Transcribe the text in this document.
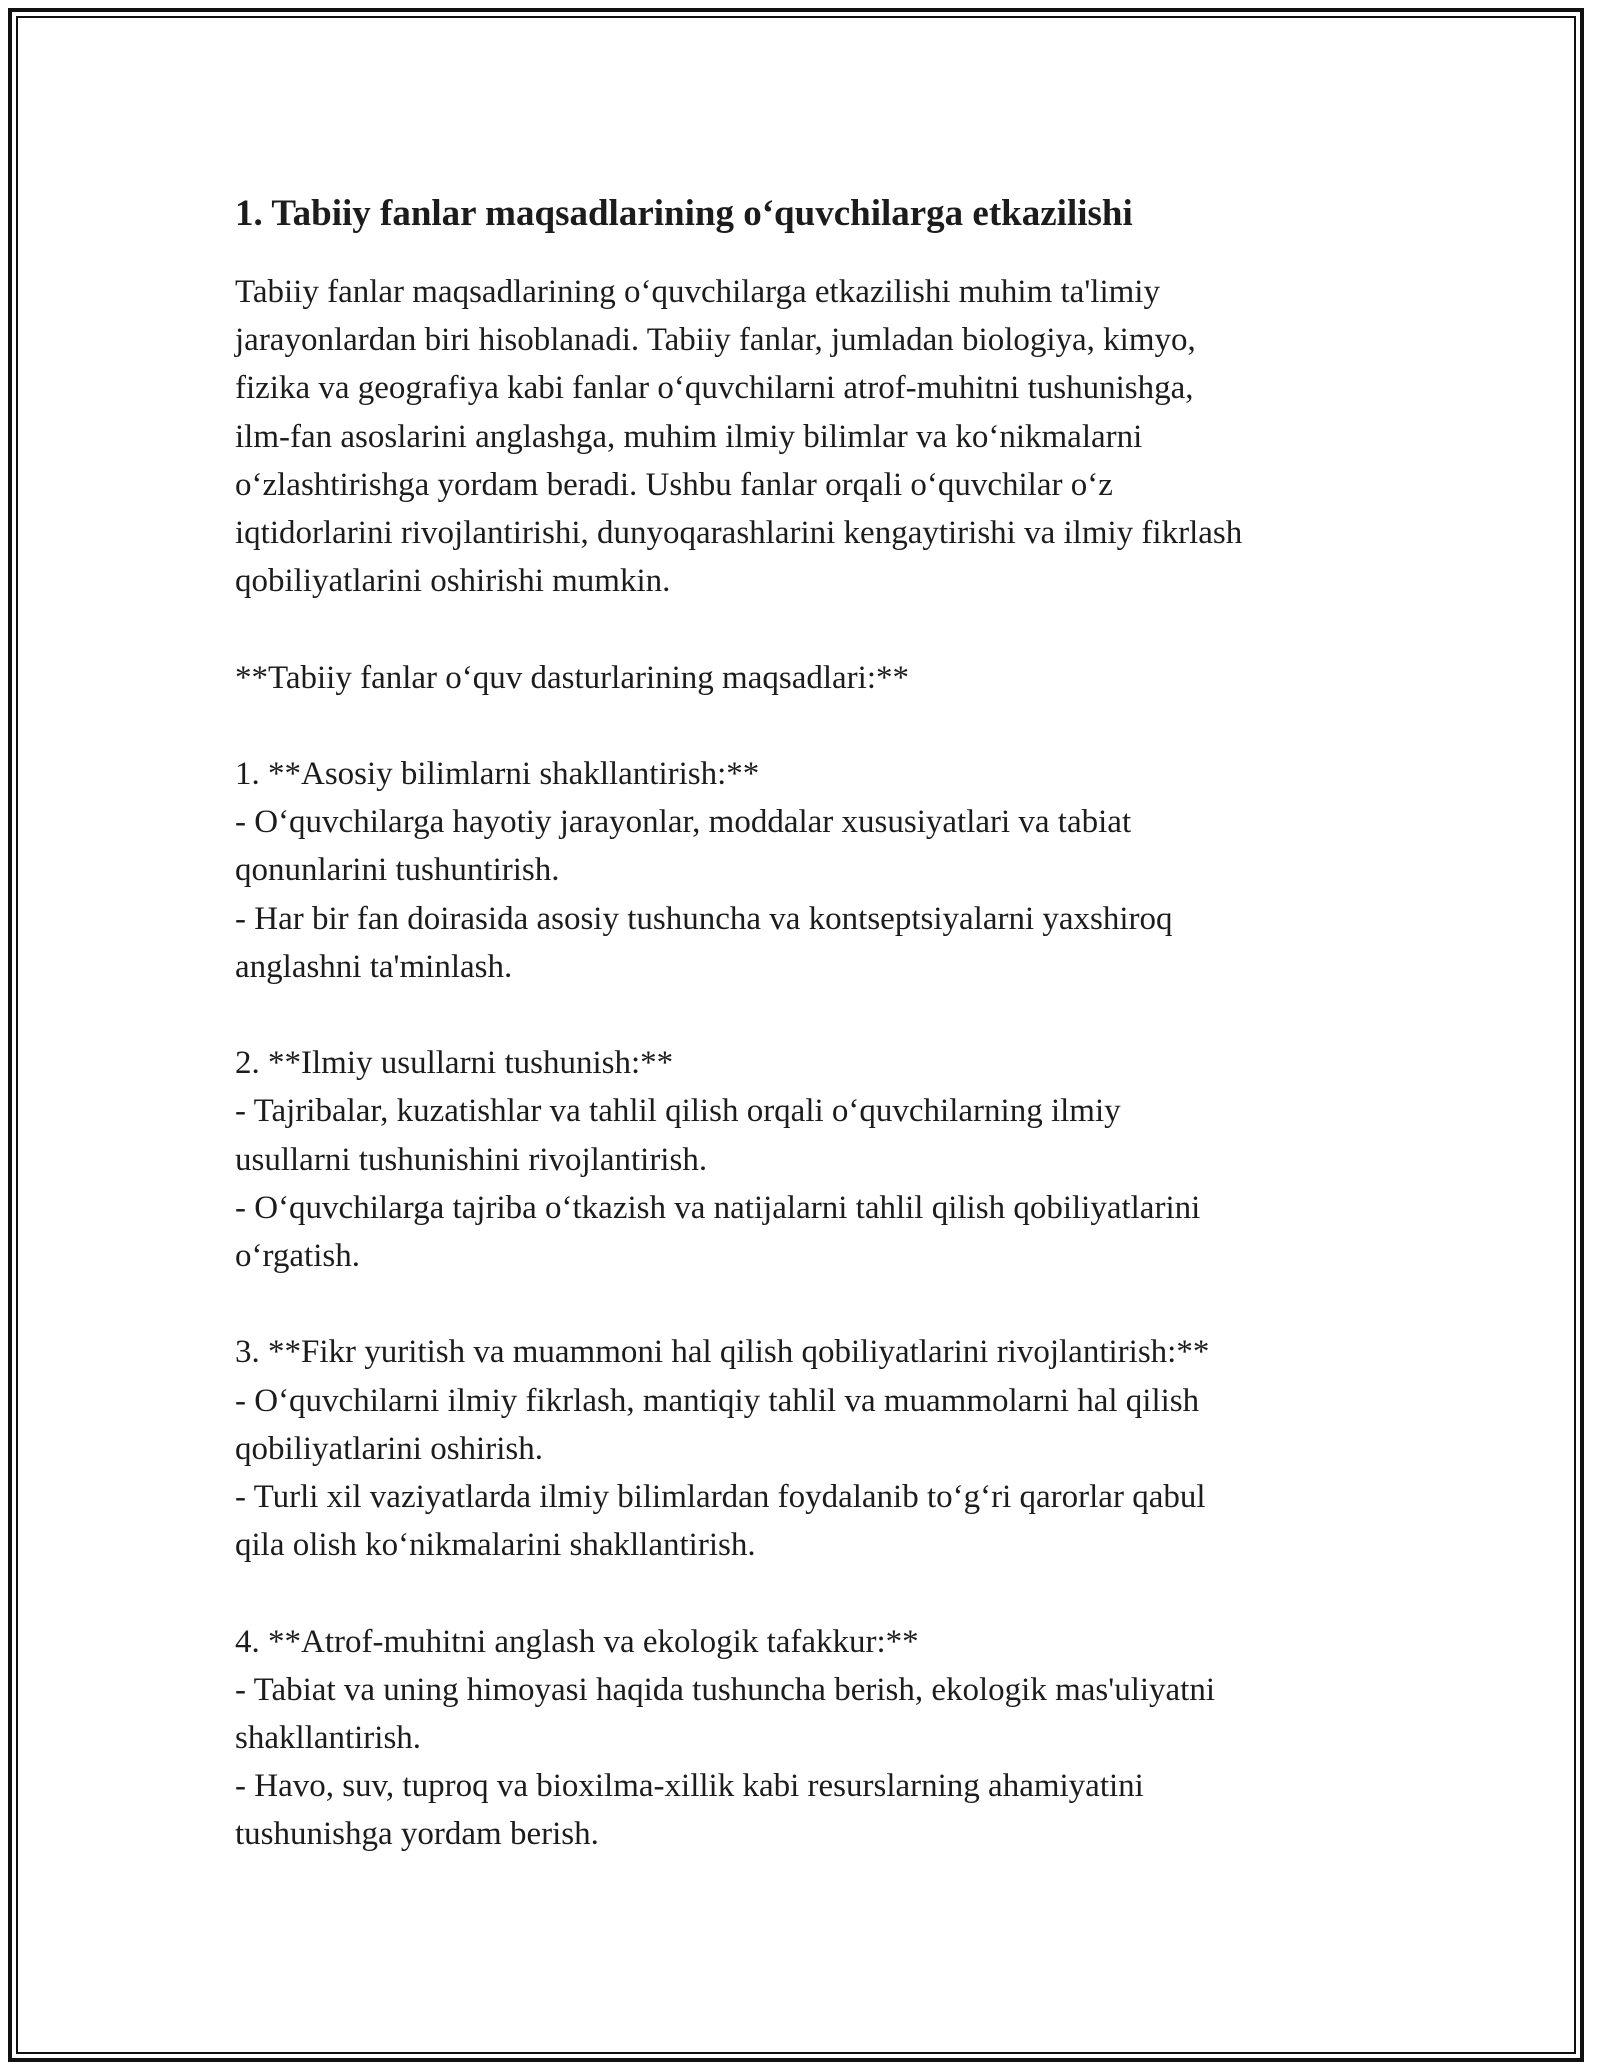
1. Tabiiy fanlar maqsadlarining o‘quvchilarga etkazilishi

Tabiiy fanlar maqsadlarining o‘quvchilarga etkazilishi muhim ta'limiy
jarayonlardan biri hisoblanadi. Tabiiy fanlar, jumladan biologiya, kimyo,
fizika va geografiya kabi fanlar o‘quvchilarni atrof-muhitni tushunishga,
ilm-fan asoslarini anglashga, muhim ilmiy bilimlar va ko‘nikmalarni
o‘zlashtirishga yordam beradi. Ushbu fanlar orqali o‘quvchilar o‘z
iqtidorlarini rivojlantirishi, dunyoqarashlarini kengaytirishi va ilmiy fikrlash
qobiliyatlarini oshirishi mumkin.

**Tabiiy fanlar o‘quv dasturlarining maqsadlari:**

1. **Asosiy bilimlarni shakllantirish:**

- O‘quvchilarga hayotiy jarayonlar, moddalar xususiyatlari va tabiat
qonunlarini tushuntirish.

- Har bir fan doirasida asosiy tushuncha va kontseptsiyalarni yaxshiroq
anglashni ta'minlash.

2. **Ilmiy usullarni tushunish:**

- Tajribalar, kuzatishlar va tahlil qilish orqali o‘quvchilarning ilmiy
usullarni tushunishini rivojlantirish.

- O‘quvchilarga tajriba o‘tkazish va natijalarni tahlil qilish qobiliyatlarini
o‘rgatish.

3. **Fikr yuritish va muammoni hal qilish qobiliyatlarini rivojlantirish:**

- O‘quvchilarni ilmiy fikrlash, mantiqiy tahlil va muammolarni hal qilish
qobiliyatlarini oshirish.

- Turli xil vaziyatlarda ilmiy bilimlardan foydalanib to‘g‘ri qarorlar qabul
qila olish ko‘nikmalarini shakllantirish.

4. **Atrof-muhitni anglash va ekologik tafakkur:**

- Tabiat va uning himoyasi haqida tushuncha berish, ekologik mas'uliyatni
shakllantirish.

- Havo, suv, tuproq va bioxilma-xillik kabi resurslarning ahamiyatini
tushunishga yordam berish.
